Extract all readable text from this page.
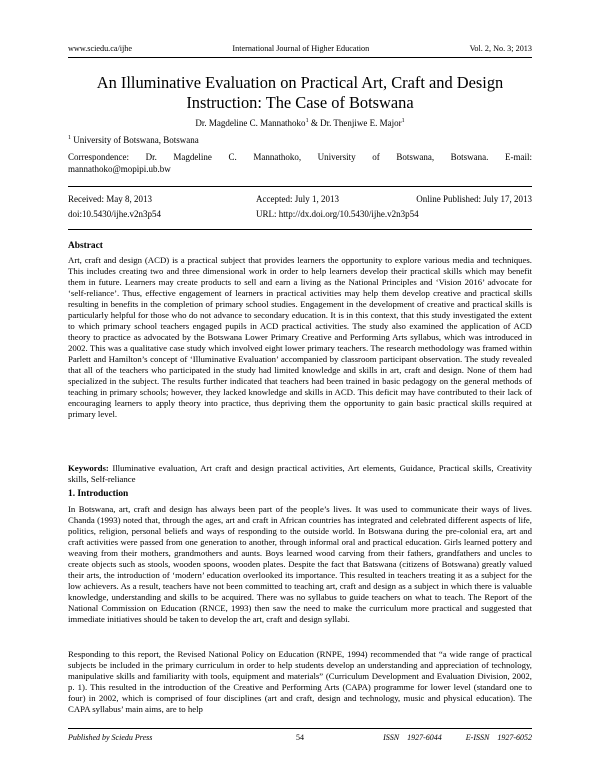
www.sciedu.ca/ijhe	International Journal of Higher Education	Vol. 2, No. 3; 2013
An Illuminative Evaluation on Practical Art, Craft and Design
Instruction: The Case of Botswana
Dr. Magdeline C. Mannathoko$^1$ & Dr. Thenjiwe E. Major$^1$
$^1$ University of Botswana, Botswana
Correspondence: Dr. Magdeline C. Mannathoko, University of Botswana, Botswana. E-mail:
mannathoko@mopipi.ub.bw
Received: May 8, 2013	Accepted: July 1, 2013	Online Published: July 17, 2013
doi:10.5430/ijhe.v2n3p54	URL: http://dx.doi.org/10.5430/ijhe.v2n3p54
Abstract
Art, craft and design (ACD) is a practical subject that provides learners the opportunity to explore various media and techniques. This includes creating two and three dimensional work in order to help learners develop their practical skills which may benefit them in future. Learners may create products to sell and earn a living as the National Principles and ‘Vision 2016’ advocate for ‘self-reliance’. Thus, effective engagement of learners in practical activities may help them develop creative and practical skills resulting in benefits in the completion of primary school studies. Engagement in the development of creative and practical skills is particularly helpful for those who do not advance to secondary education. It is in this context, that this study investigated the extent to which primary school teachers engaged pupils in ACD practical activities. The study also examined the application of ACD theory to practice as advocated by the Botswana Lower Primary Creative and Performing Arts syllabus, which was introduced in 2002. This was a qualitative case study which involved eight lower primary teachers. The research methodology was framed within Parlett and Hamilton’s concept of ‘Illuminative Evaluation’ accompanied by classroom participant observation. The study revealed that all of the teachers who participated in the study had limited knowledge and skills in art, craft and design. None of them had specialized in the subject. The results further indicated that teachers had been trained in basic pedagogy on the general methods of teaching in primary schools; however, they lacked knowledge and skills in ACD. This deficit may have contributed to their lack of encouraging learners to apply theory into practice, thus depriving them the opportunity to gain basic practical skills required at primary level.
Keywords: Illuminative evaluation, Art craft and design practical activities, Art elements, Guidance, Practical skills, Creativity skills, Self-reliance
1. Introduction

In Botswana, art, craft and design has always been part of the people’s lives. It was used to communicate their ways of lives. Chanda (1993) noted that, through the ages, art and craft in African countries has integrated and celebrated different aspects of life, politics, religion, personal beliefs and ways of responding to the outside world. In Botswana during the pre-colonial era, art and craft activities were passed from one generation to another, through informal oral and practical education. Girls learned pottery and weaving from their mothers, grandmothers and aunts. Boys learned wood carving from their fathers, grandfathers and uncles to create objects such as stools, wooden spoons, wooden plates. Despite the fact that Batswana (citizens of Botswana) greatly valued their arts, the introduction of ‘modern’ education overlooked its importance. This resulted in teachers treating it as a subject for the low achievers. As a result, teachers have not been committed to teaching art, craft and design as a subject in which there is valuable knowledge, understanding and skills to be acquired. There was no syllabus to guide teachers on what to teach. The Report of the National Commission on Education (RNCE, 1993) then saw the need to make the curriculum more practical and suggested that immediate initiatives should be taken to develop the art, craft and design syllabi.

Responding to this report, the Revised National Policy on Education (RNPE, 1994) recommended that “a wide range of practical subjects be included in the primary curriculum in order to help students develop an understanding and appreciation of technology, manipulative skills and familiarity with tools, equipment and materials” (Curriculum Development and Evaluation Division, 2002, p. 1). This resulted in the introduction of the Creative and Performing Arts (CAPA) programme for lower level (standard one to four) in 2002, which is comprised of four disciplines (art and craft, design and technology, music and physical education). The CAPA syllabus’ main aims, are to help

Published by Sciedu Press	54	ISSN 1927-6044	E-ISSN 1927-6052
